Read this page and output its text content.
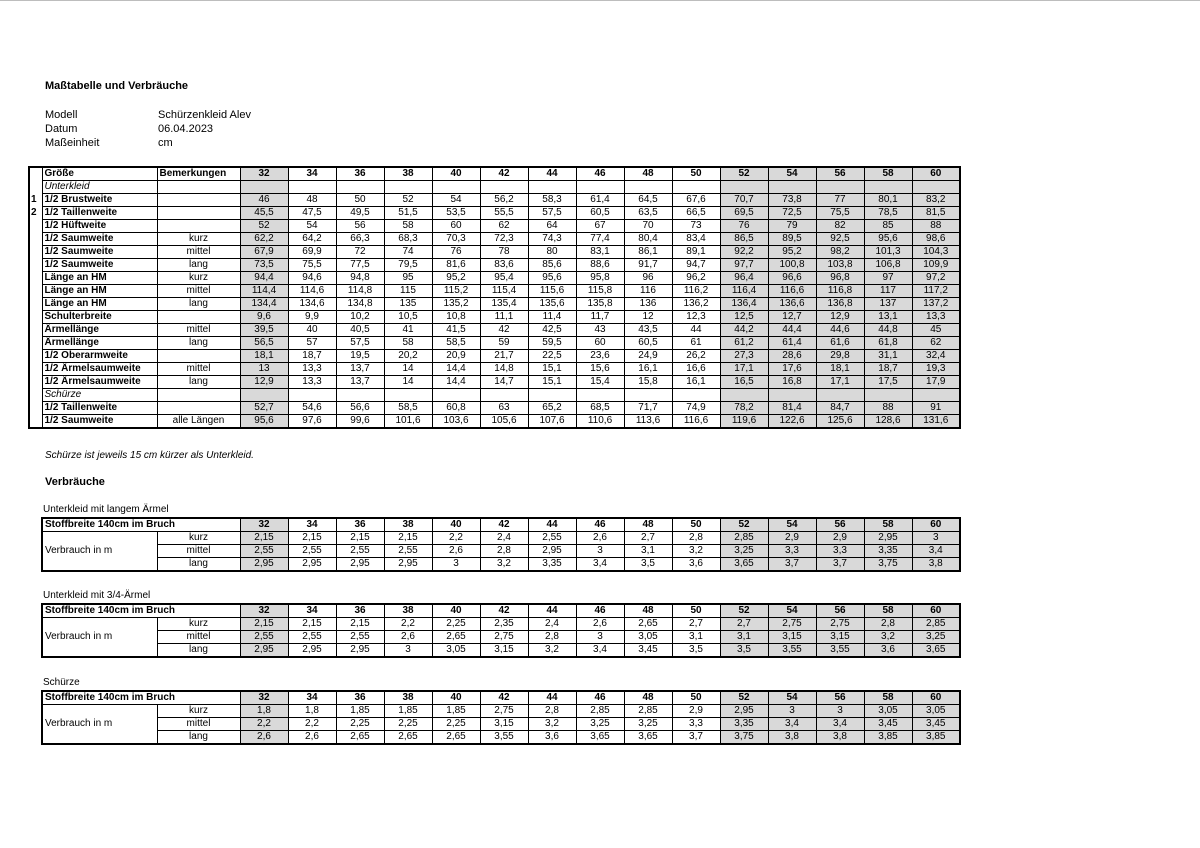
Maßtabelle und Verbräuche
Modell	Schürzenkleid Alev
Datum	06.04.2023
Maßeinheit	cm
	Größe	Bemerkungen	32	34	36	38	40	42	44	46	48	50	52	54	56	58	60
	Unterkleid																
1	1/2 Brustweite		46	48	50	52	54	56,2	58,3	61,4	64,5	67,6	70,7	73,8	77	80,1	83,2
2	1/2 Taillenweite		45,5	47,5	49,5	51,5	53,5	55,5	57,5	60,5	63,5	66,5	69,5	72,5	75,5	78,5	81,5
	1/2 Hüftweite		52	54	56	58	60	62	64	67	70	73	76	79	82	85	88
	1/2 Saumweite	kurz	62,2	64,2	66,3	68,3	70,3	72,3	74,3	77,4	80,4	83,4	86,5	89,5	92,5	95,6	98,6
	1/2 Saumweite	mittel	67,9	69,9	72	74	76	78	80	83,1	86,1	89,1	92,2	95,2	98,2	101,3	104,3
	1/2 Saumweite	lang	73,5	75,5	77,5	79,5	81,6	83,6	85,6	88,6	91,7	94,7	97,7	100,8	103,8	106,8	109,9
	Länge an HM	kurz	94,4	94,6	94,8	95	95,2	95,4	95,6	95,8	96	96,2	96,4	96,6	96,8	97	97,2
	Länge an HM	mittel	114,4	114,6	114,8	115	115,2	115,4	115,6	115,8	116	116,2	116,4	116,6	116,8	117	117,2
	Länge an HM	lang	134,4	134,6	134,8	135	135,2	135,4	135,6	135,8	136	136,2	136,4	136,6	136,8	137	137,2
	Schulterbreite		9,6	9,9	10,2	10,5	10,8	11,1	11,4	11,7	12	12,3	12,5	12,7	12,9	13,1	13,3
	Ärmellänge	mittel	39,5	40	40,5	41	41,5	42	42,5	43	43,5	44	44,2	44,4	44,6	44,8	45
	Ärmellänge	lang	56,5	57	57,5	58	58,5	59	59,5	60	60,5	61	61,2	61,4	61,6	61,8	62
	1/2 Oberarmweite		18,1	18,7	19,5	20,2	20,9	21,7	22,5	23,6	24,9	26,2	27,3	28,6	29,8	31,1	32,4
	1/2 Ärmelsaumweite	mittel	13	13,3	13,7	14	14,4	14,8	15,1	15,6	16,1	16,6	17,1	17,6	18,1	18,7	19,3
	1/2 Ärmelsaumweite	lang	12,9	13,3	13,7	14	14,4	14,7	15,1	15,4	15,8	16,1	16,5	16,8	17,1	17,5	17,9
	Schürze																
	1/2 Taillenweite		52,7	54,6	56,6	58,5	60,8	63	65,2	68,5	71,7	74,9	78,2	81,4	84,7	88	91
	1/2 Saumweite	alle Längen	95,6	97,6	99,6	101,6	103,6	105,6	107,6	110,6	113,6	116,6	119,6	122,6	125,6	128,6	131,6
Schürze ist jeweils 15 cm kürzer als Unterkleid.
Verbräuche
Unterkleid mit langem Ärmel
Stoffbreite 140cm im Bruch		32	34	36	38	40	42	44	46	48	50	52	54	56	58	60
Verbrauch in m	kurz	2,15	2,15	2,15	2,15	2,2	2,4	2,55	2,6	2,7	2,8	2,85	2,9	2,9	2,95	3
	mittel	2,55	2,55	2,55	2,55	2,6	2,8	2,95	3	3,1	3,2	3,25	3,3	3,3	3,35	3,4
	lang	2,95	2,95	2,95	2,95	3	3,2	3,35	3,4	3,5	3,6	3,65	3,7	3,7	3,75	3,8
Unterkleid mit 3/4-Ärmel
Stoffbreite 140cm im Bruch		32	34	36	38	40	42	44	46	48	50	52	54	56	58	60
Verbrauch in m	kurz	2,15	2,15	2,15	2,2	2,25	2,35	2,4	2,6	2,65	2,7	2,7	2,75	2,75	2,8	2,85
	mittel	2,55	2,55	2,55	2,6	2,65	2,75	2,8	3	3,05	3,1	3,1	3,15	3,15	3,2	3,25
	lang	2,95	2,95	2,95	3	3,05	3,15	3,2	3,4	3,45	3,5	3,5	3,55	3,55	3,6	3,65
Schürze
Stoffbreite 140cm im Bruch		32	34	36	38	40	42	44	46	48	50	52	54	56	58	60
Verbrauch in m	kurz	1,8	1,8	1,85	1,85	1,85	2,75	2,8	2,85	2,85	2,9	2,95	3	3	3,05	3,05
	mittel	2,2	2,2	2,25	2,25	2,25	3,15	3,2	3,25	3,25	3,3	3,35	3,4	3,4	3,45	3,45
	lang	2,6	2,6	2,65	2,65	2,65	3,55	3,6	3,65	3,65	3,7	3,75	3,8	3,8	3,85	3,85
